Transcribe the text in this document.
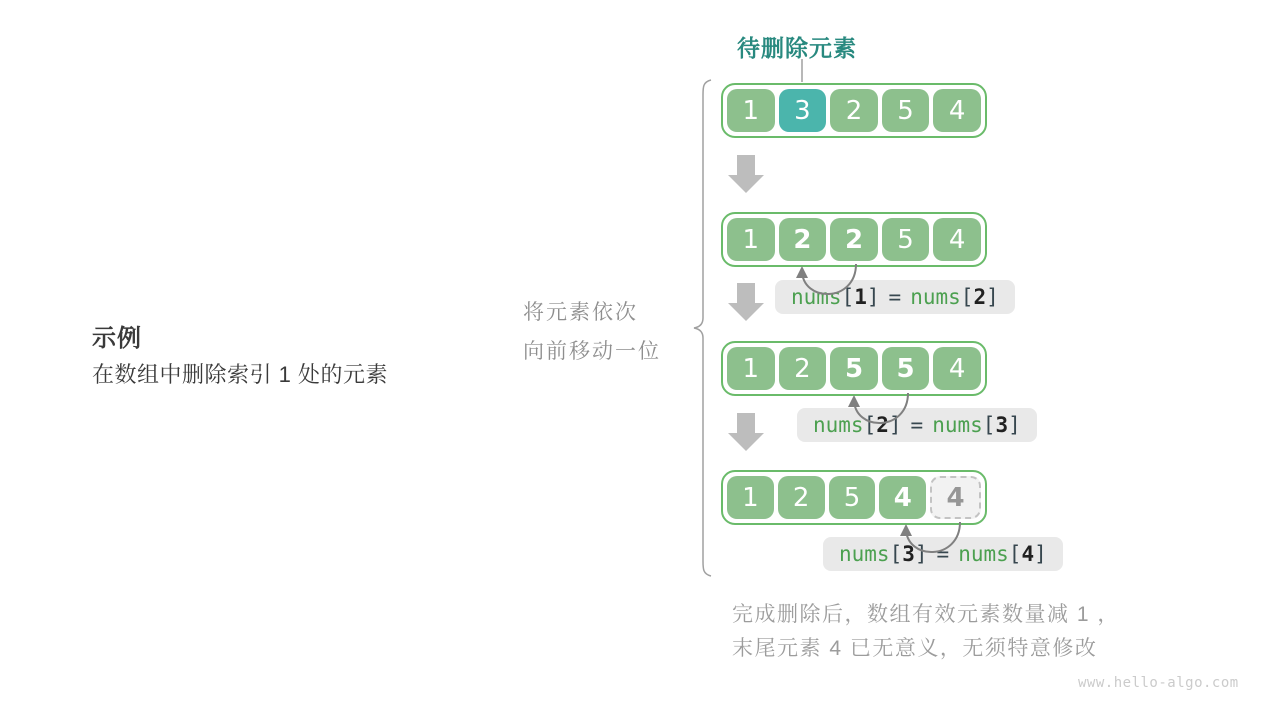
待删除元素
示例
在数组中删除索引 1 处的元素
将元素依次
向前移动一位
1	3	2	5	4
1	2	2	5	4
1	2	5	5	4
1	2	5	4	4
nums [ 1 ] = nums [ 2 ]
nums [ 2 ] = nums [ 3 ]
nums [ 3 ] = nums [ 4 ]
完成删除后，数组有效元素数量减 1 ，
末尾元素 4 已无意义，无须特意修改
www.hello-algo.com
